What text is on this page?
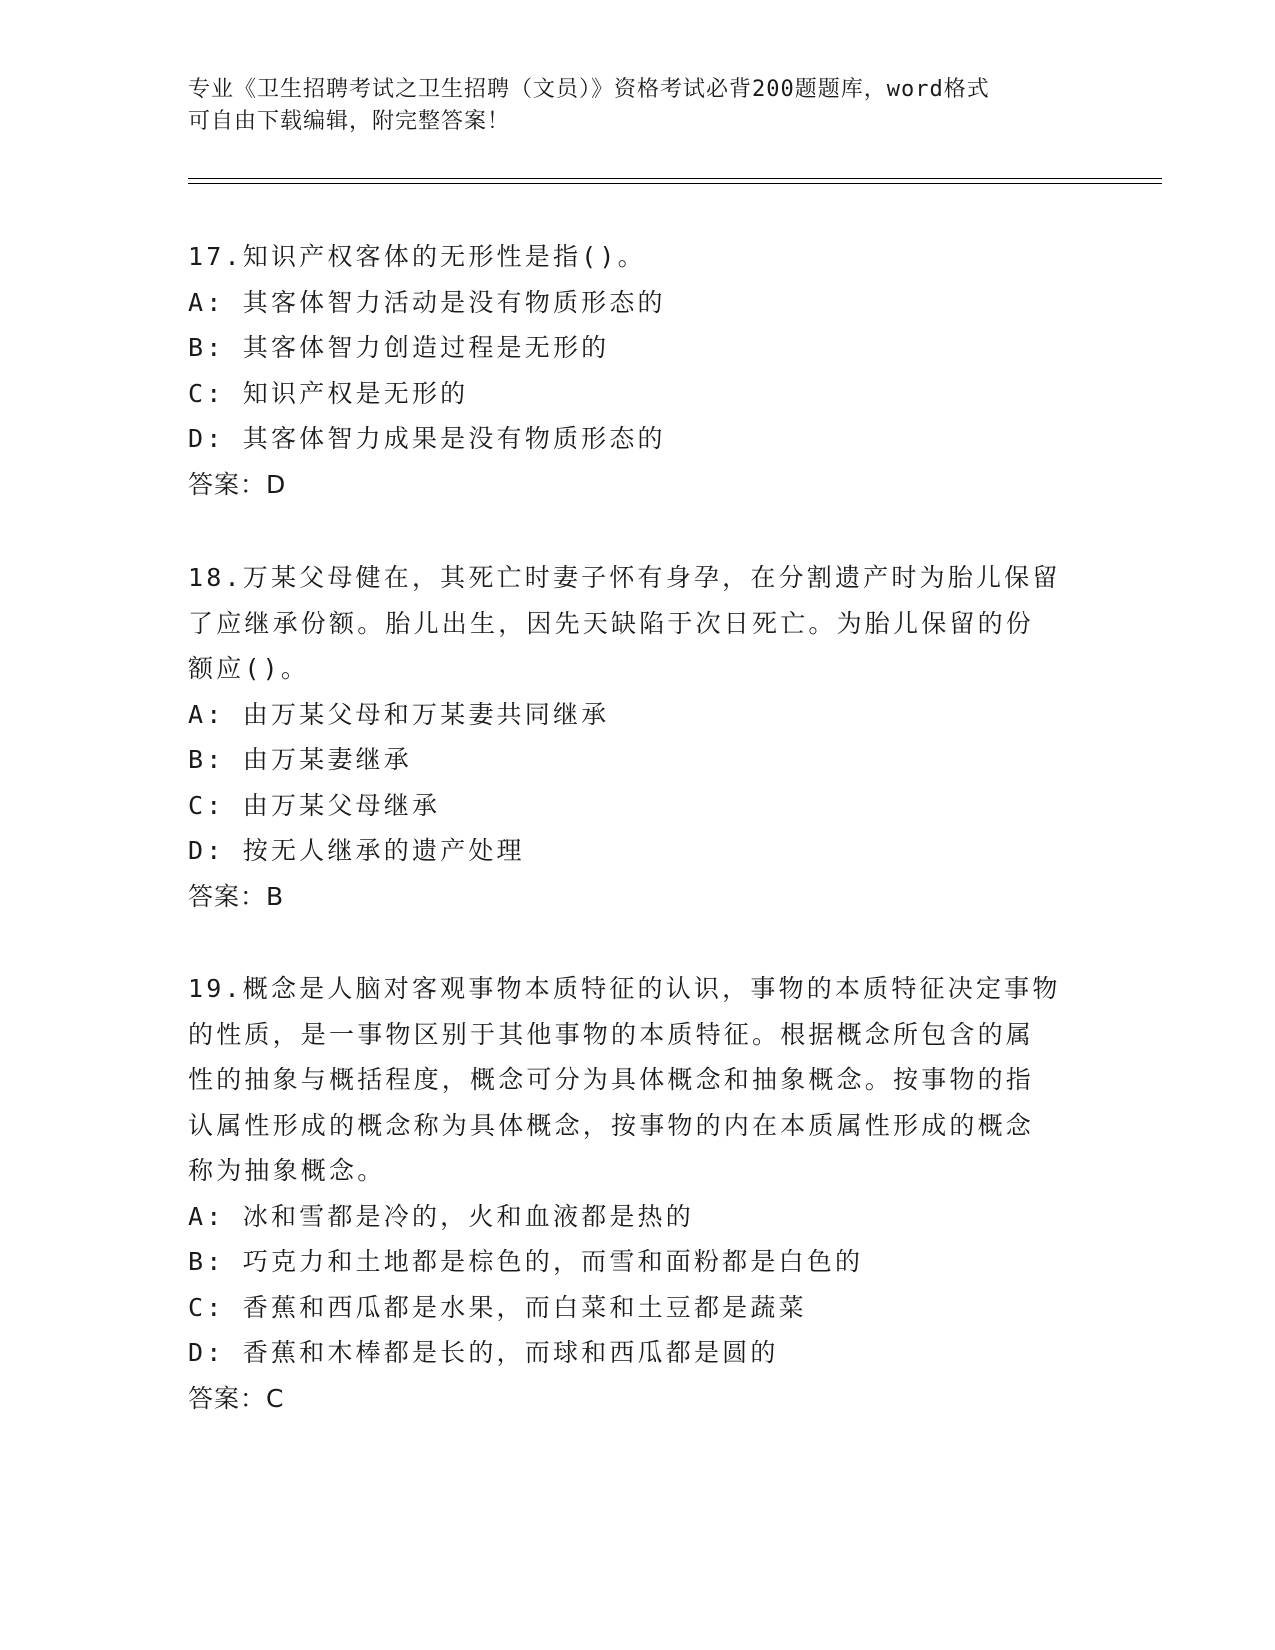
专业《卫生招聘考试之卫生招聘（文员）》资格考试必背200题题库，word格式

可自由下载编辑，附完整答案！

17.知识产权客体的无形性是指()。
A: 其客体智力活动是没有物质形态的
B: 其客体智力创造过程是无形的
C: 知识产权是无形的
D: 其客体智力成果是没有物质形态的
答案：D
18.万某父母健在，其死亡时妻子怀有身孕，在分割遗产时为胎儿保留
了应继承份额。胎儿出生，因先天缺陷于次日死亡。为胎儿保留的份
额应()。
A: 由万某父母和万某妻共同继承
B: 由万某妻继承
C: 由万某父母继承
D: 按无人继承的遗产处理
答案：B
19.概念是人脑对客观事物本质特征的认识，事物的本质特征决定事物
的性质，是一事物区别于其他事物的本质特征。根据概念所包含的属
性的抽象与概括程度，概念可分为具体概念和抽象概念。按事物的指
认属性形成的概念称为具体概念，按事物的内在本质属性形成的概念
称为抽象概念。
A: 冰和雪都是冷的，火和血液都是热的
B: 巧克力和土地都是棕色的，而雪和面粉都是白色的
C: 香蕉和西瓜都是水果，而白菜和土豆都是蔬菜
D: 香蕉和木棒都是长的，而球和西瓜都是圆的
答案：C
